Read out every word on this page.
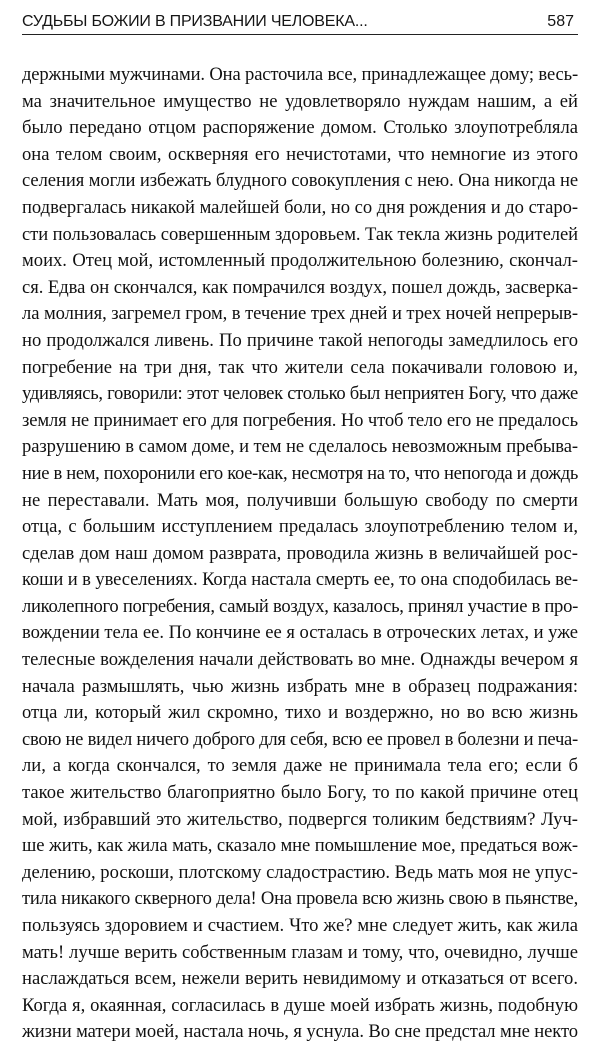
СУДЬБЫ БОЖИИ В ПРИЗВАНИИ ЧЕЛОВЕКА...	587
держными мужчинами. Она расточила все, принадлежащее дому; весь-
ма значительное имущество не удовлетворяло нуждам нашим, а ей
было передано отцом распоряжение домом. Столько злоупотребляла
она телом своим, оскверняя его нечистотами, что немногие из этого
селения могли избежать блудного совокупления с нею. Она никогда не
подвергалась никакой малейшей боли, но со дня рождения и до старо-
сти пользовалась совершенным здоровьем. Так текла жизнь родителей
моих. Отец мой, истомленный продолжительною болезнию, скончал-
ся. Едва он скончался, как помрачился воздух, пошел дождь, засверка-
ла молния, загремел гром, в течение трех дней и трех ночей непрерыв-
но продолжался ливень. По причине такой непогоды замедлилось его
погребение на три дня, так что жители села покачивали головою и,
удивляясь, говорили: этот человек столько был неприятен Богу, что даже
земля не принимает его для погребения. Но чтоб тело его не предалось
разрушению в самом доме, и тем не сделалось невозможным пребыва-
ние в нем, похоронили его кое-как, несмотря на то, что непогода и дождь
не переставали. Мать моя, получивши большую свободу по смерти
отца, с большим исступлением предалась злоупотреблению телом и,
сделав дом наш домом разврата, проводила жизнь в величайшей рос-
коши и в увеселениях. Когда настала смерть ее, то она сподобилась ве-
ликолепного погребения, самый воздух, казалось, принял участие в про-
вождении тела ее. По кончине ее я осталась в отроческих летах, и уже
телесные вожделения начали действовать во мне. Однажды вечером я
начала размышлять, чью жизнь избрать мне в образец подражания:
отца ли, который жил скромно, тихо и воздержно, но во всю жизнь
свою не видел ничего доброго для себя, всю ее провел в болезни и печа-
ли, а когда скончался, то земля даже не принимала тела его; если б
такое жительство благоприятно было Богу, то по какой причине отец
мой, избравший это жительство, подвергся толиким бедствиям? Луч-
ше жить, как жила мать, сказало мне помышление мое, предаться вож-
делению, роскоши, плотскому сладострастию. Ведь мать моя не упус-
тила никакого скверного дела! Она провела всю жизнь свою в пьянстве,
пользуясь здоровием и счастием. Что же? мне следует жить, как жила
мать! лучше верить собственным глазам и тому, что, очевидно, лучше
наслаждаться всем, нежели верить невидимому и отказаться от всего.
Когда я, окаянная, согласилась в душе моей избрать жизнь, подобную
жизни матери моей, настала ночь, я уснула. Во сне предстал мне некто
